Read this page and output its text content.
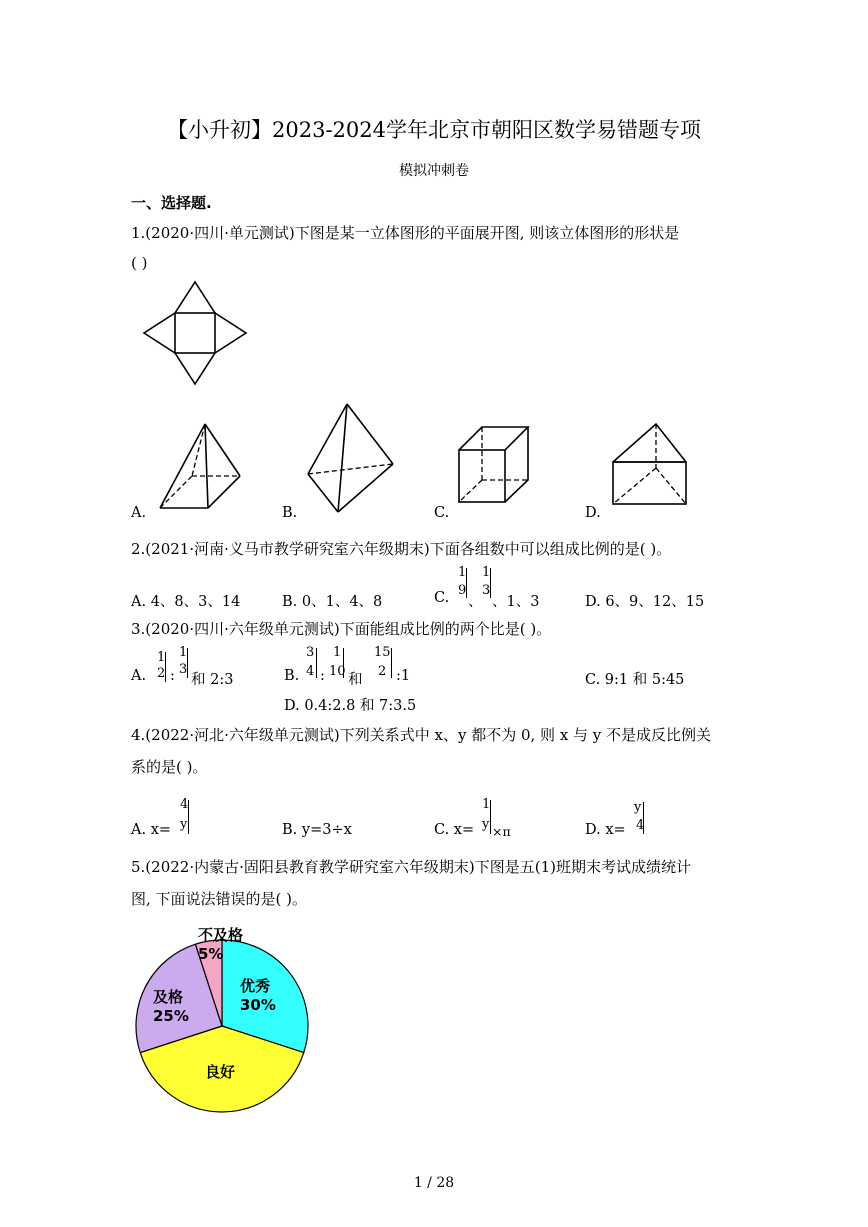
【小升初】2023-2024学年北京市朝阳区数学易错题专项
模拟冲刺卷
一、选择题.
1.(2020·四川·单元测试)下图是某一立体图形的平面展开图, 则该立体图形的形状是
( )
A.	B.	C.	D.
2.(2021·河南·义马市教学研究室六年级期末)下面各组数中可以组成比例的是( )。
A. 4、8、3、14	B. 0、1、4、8	C.
1
9
、
1
3
、1、3	D. 6、9、12、15
3.(2020·四川·六年级单元测试)下面能组成比例的两个比是( )。
A.
1
2 :
1
3
和 2:3	B.
3
4 :
1
10
和
15
2 :1	C. 9:1 和 5:45
D. 0.4:2.8 和 7:3.5
4.(2022·河北·六年级单元测试)下列关系式中 x、y 都不为 0, 则 x 与 y 不是成反比例关
系的是( )。
A. x=
4
y	B. y=3÷x	C. x=
1
y ×π	D. x=
y
4
5.(2022·内蒙古·固阳县教育教学研究室六年级期末)下图是五(1)班期末考试成绩统计
图, 下面说法错误的是( )。
不及格
5%
优秀
30%
及格
25%
良好
1 / 28
